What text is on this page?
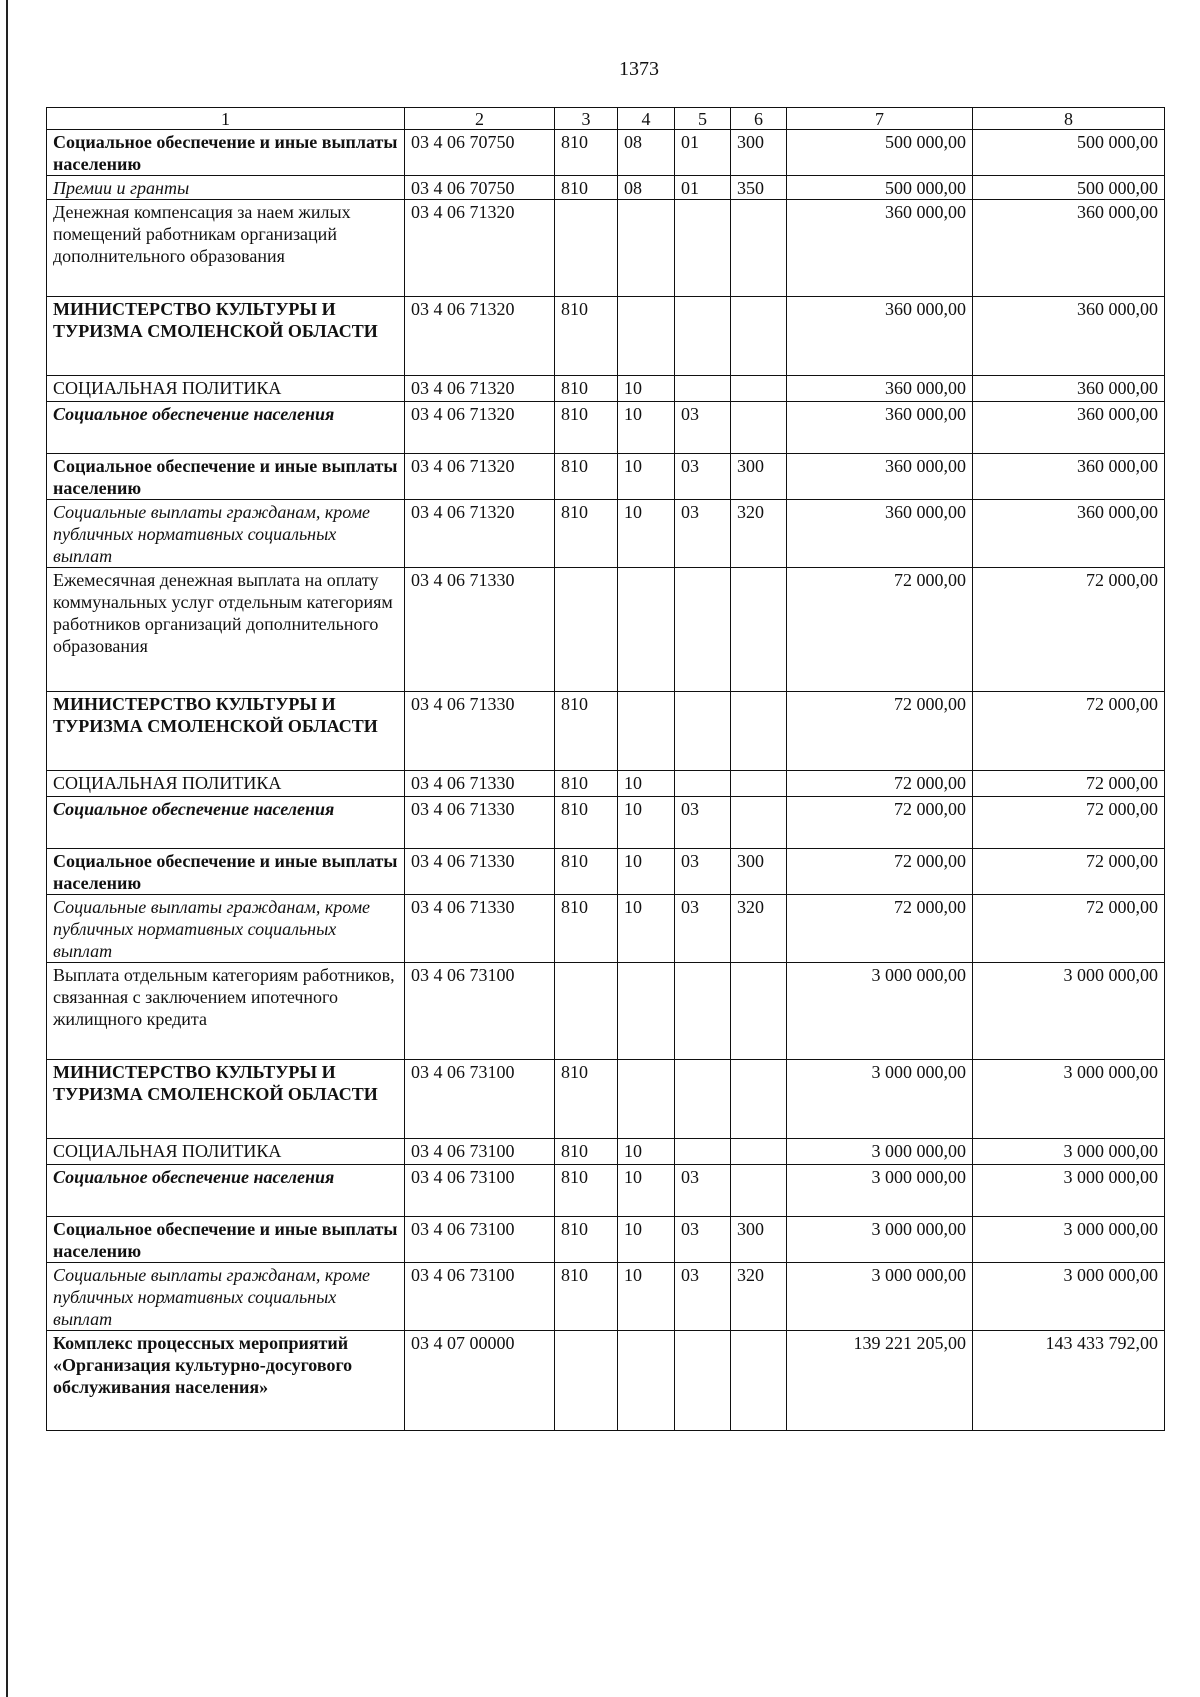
1373
1	2	3	4	5	6	7	8
Социальное обеспечение и иные выплаты населению	03 4 06 70750	810	08	01	300	500 000,00	500 000,00
Премии и гранты	03 4 06 70750	810	08	01	350	500 000,00	500 000,00
Денежная компенсация за наем жилых помещений работникам организаций дополнительного образования	03 4 06 71320					360 000,00	360 000,00
МИНИСТЕРСТВО КУЛЬТУРЫ И ТУРИЗМА СМОЛЕНСКОЙ ОБЛАСТИ	03 4 06 71320	810				360 000,00	360 000,00
СОЦИАЛЬНАЯ ПОЛИТИКА	03 4 06 71320	810	10			360 000,00	360 000,00
Социальное обеспечение населения	03 4 06 71320	810	10	03		360 000,00	360 000,00
Социальное обеспечение и иные выплаты населению	03 4 06 71320	810	10	03	300	360 000,00	360 000,00
Социальные выплаты гражданам, кроме публичных нормативных социальных выплат	03 4 06 71320	810	10	03	320	360 000,00	360 000,00
Ежемесячная денежная выплата на оплату коммунальных услуг отдельным категориям работников организаций дополнительного образования	03 4 06 71330					72 000,00	72 000,00
МИНИСТЕРСТВО КУЛЬТУРЫ И ТУРИЗМА СМОЛЕНСКОЙ ОБЛАСТИ	03 4 06 71330	810				72 000,00	72 000,00
СОЦИАЛЬНАЯ ПОЛИТИКА	03 4 06 71330	810	10			72 000,00	72 000,00
Социальное обеспечение населения	03 4 06 71330	810	10	03		72 000,00	72 000,00
Социальное обеспечение и иные выплаты населению	03 4 06 71330	810	10	03	300	72 000,00	72 000,00
Социальные выплаты гражданам, кроме публичных нормативных социальных выплат	03 4 06 71330	810	10	03	320	72 000,00	72 000,00
Выплата отдельным категориям работников, связанная с заключением ипотечного жилищного кредита	03 4 06 73100					3 000 000,00	3 000 000,00
МИНИСТЕРСТВО КУЛЬТУРЫ И ТУРИЗМА СМОЛЕНСКОЙ ОБЛАСТИ	03 4 06 73100	810				3 000 000,00	3 000 000,00
СОЦИАЛЬНАЯ ПОЛИТИКА	03 4 06 73100	810	10			3 000 000,00	3 000 000,00
Социальное обеспечение населения	03 4 06 73100	810	10	03		3 000 000,00	3 000 000,00
Социальное обеспечение и иные выплаты населению	03 4 06 73100	810	10	03	300	3 000 000,00	3 000 000,00
Социальные выплаты гражданам, кроме публичных нормативных социальных выплат	03 4 06 73100	810	10	03	320	3 000 000,00	3 000 000,00
Комплекс процессных мероприятий «Организация культурно-досугового обслуживания населения»	03 4 07 00000					139 221 205,00	143 433 792,00
